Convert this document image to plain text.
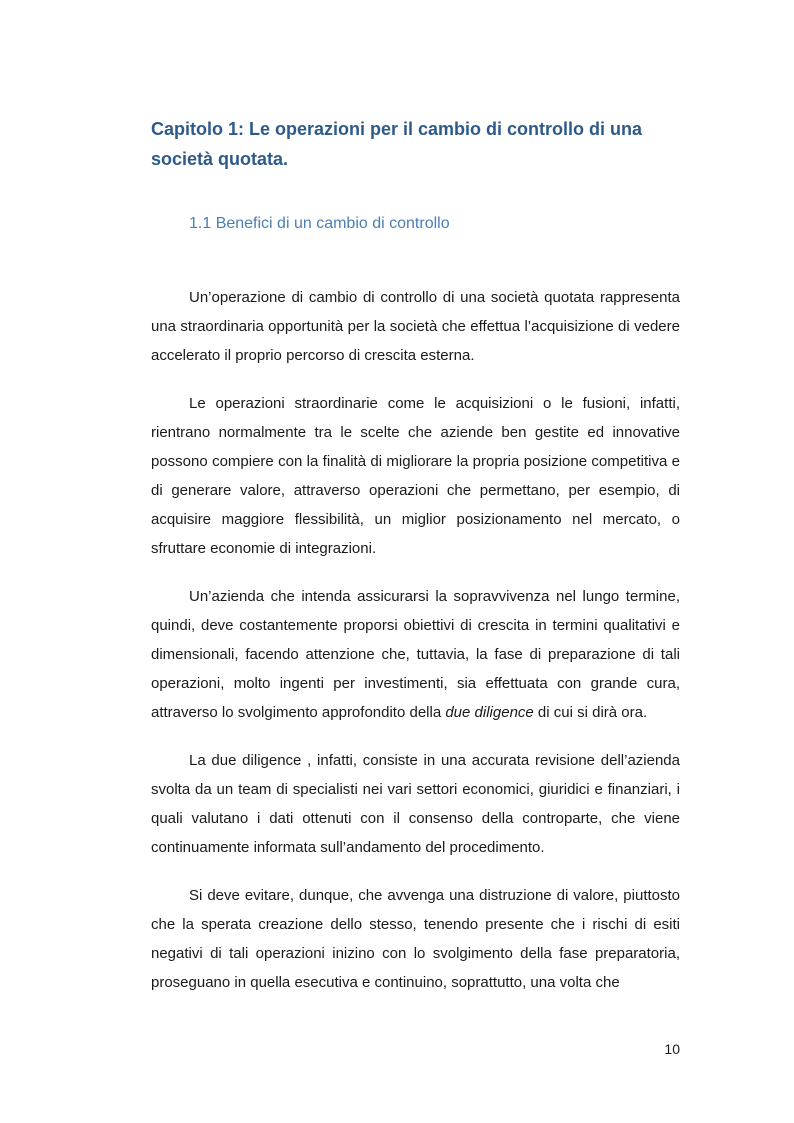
Capitolo 1: Le operazioni per il cambio di controllo di una società quotata.
1.1 Benefici di un cambio di controllo

Un’operazione di cambio di controllo di una società quotata rappresenta una straordinaria opportunità per la società che effettua l’acquisizione di vedere accelerato il proprio percorso di crescita esterna.

Le operazioni straordinarie come le acquisizioni o le fusioni, infatti, rientrano normalmente tra le scelte che aziende ben gestite ed innovative possono compiere con la finalità di migliorare la propria posizione competitiva e di generare valore, attraverso operazioni che permettano, per esempio, di acquisire maggiore flessibilità, un miglior posizionamento nel mercato, o sfruttare economie di integrazioni.

Un’azienda che intenda assicurarsi la sopravvivenza nel lungo termine, quindi, deve costantemente proporsi obiettivi di crescita in termini qualitativi e dimensionali, facendo attenzione che, tuttavia, la fase di preparazione di tali operazioni, molto ingenti per investimenti, sia effettuata con grande cura, attraverso lo svolgimento approfondito della due diligence di cui si dirà ora.

La due diligence , infatti, consiste in una accurata revisione dell’azienda svolta da un team di specialisti nei vari settori economici, giuridici e finanziari, i quali valutano i dati ottenuti con il consenso della controparte, che viene continuamente informata sull’andamento del procedimento.

Si deve evitare, dunque, che avvenga una distruzione di valore, piuttosto che la sperata creazione dello stesso, tenendo presente che i rischi di esiti negativi di tali operazioni inizino con lo svolgimento della fase preparatoria, proseguano in quella esecutiva e continuino, soprattutto, una volta che

10
